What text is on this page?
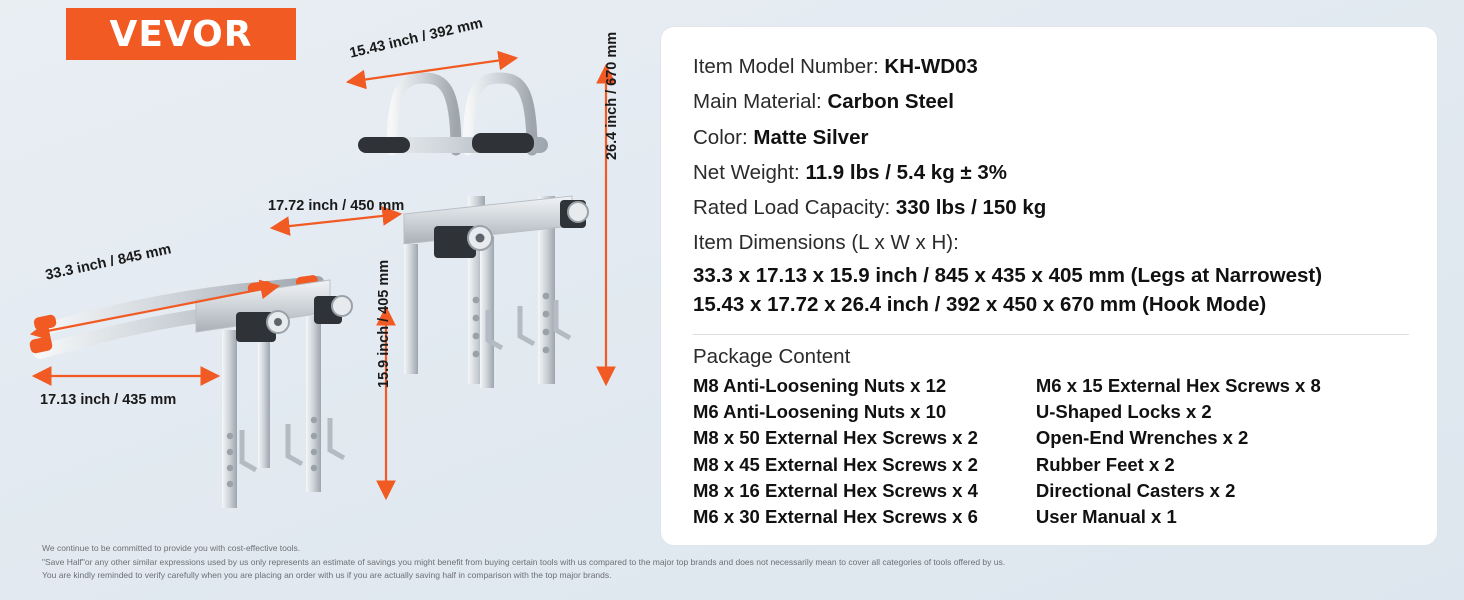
VEVOR	15.43 inch / 392 mm
17.72 inch / 450 mm
26.4 inch / 670 mm
33.3 inch / 845 mm
17.13 inch / 435 mm
15.9 inch / 405 mm
Item Model Number: KH-WD03
Main Material: Carbon Steel
Color: Matte Silver
Net Weight: 11.9 lbs / 5.4 kg ± 3%
Rated Load Capacity: 330 lbs / 150 kg
Item Dimensions (L x W x H):
33.3 x 17.13 x 15.9 inch / 845 x 435 x 405 mm (Legs at Narrowest)
15.43 x 17.72 x 26.4 inch / 392 x 450 x 670 mm (Hook Mode)
Package Content
M8 Anti-Loosening Nuts x 12
M6 Anti-Loosening Nuts x 10
M8 x 50 External Hex Screws x 2
M8 x 45 External Hex Screws x 2
M8 x 16 External Hex Screws x 4
M6 x 30 External Hex Screws x 6
M6 x 15 External Hex Screws x 8
U-Shaped Locks x 2
Open-End Wrenches x 2
Rubber Feet x 2
Directional Casters x 2
User Manual x 1
We continue to be committed to provide you with cost-effective tools.
"Save Half"or any other similar expressions used by us only represents an estimate of savings you might benefit from buying certain tools with us compared to the major top brands and does not necessarily mean to cover all categories of tools offered by us.
You are kindly reminded to verify carefully when you are placing an order with us if you are actually saving half in comparison with the top major brands.
